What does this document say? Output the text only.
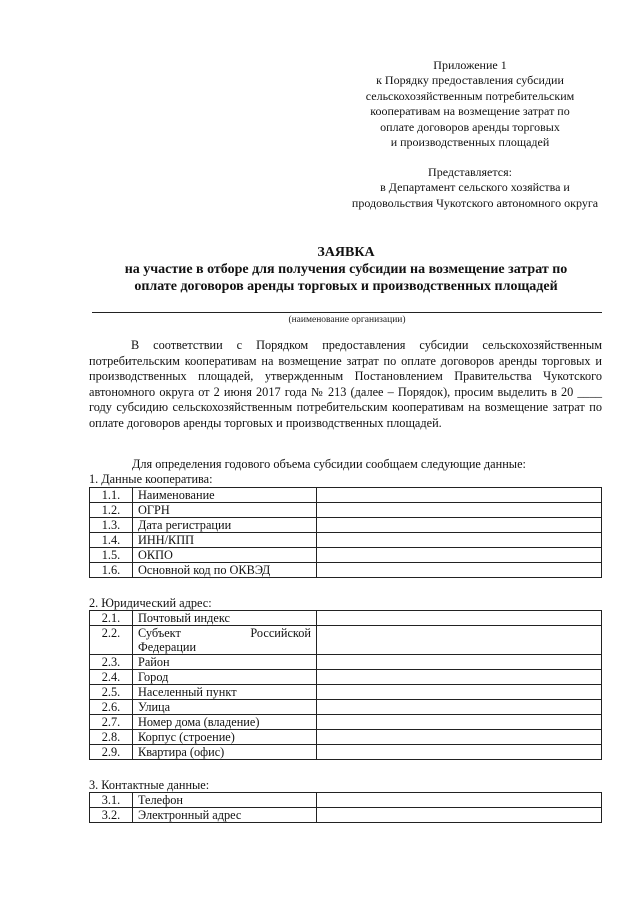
Приложение 1
к Порядку предоставления субсидии
сельскохозяйственным потребительским
кооперативам на возмещение затрат по
оплате договоров аренды торговых
и производственных площадей
Представляется:
в Департамент сельского хозяйства и
продовольствия Чукотского автономного округа
ЗАЯВКА
на участие в отборе для получения субсидии на возмещение затрат по
оплате договоров аренды торговых и производственных площадей
(наименование организации)

В соответствии с Порядком предоставления субсидии сельскохозяйственным потребительским кооперативам на возмещение затрат по оплате договоров аренды торговых и производственных площадей, утвержденным Постановлением Правительства Чукотского автономного округа от 2 июня 2017 года № 213 (далее – Порядок), просим выделить в 20 ____ году субсидию сельскохозяйственным потребительским кооперативам на возмещение затрат по оплате договоров аренды торговых и производственных площадей.

Для определения годового объема субсидии сообщаем следующие данные:
1. Данные кооператива:
1.1.	Наименование	
1.2.	ОГРН	
1.3.	Дата регистрации	
1.4.	ИНН/КПП	
1.5.	ОКПО	
1.6.	Основной код по ОКВЭД	
2. Юридический адрес:
2.1.	Почтовый индекс	
2.2.	Субъект Российской
Федерации	

2.3.	Район	
2.4.	Город	
2.5.	Населенный пункт	
2.6.	Улица	
2.7.	Номер дома (владение)	
2.8.	Корпус (строение)	
2.9.	Квартира (офис)	
3. Контактные данные:
3.1.	Телефон	
3.2.	Электронный адрес	
